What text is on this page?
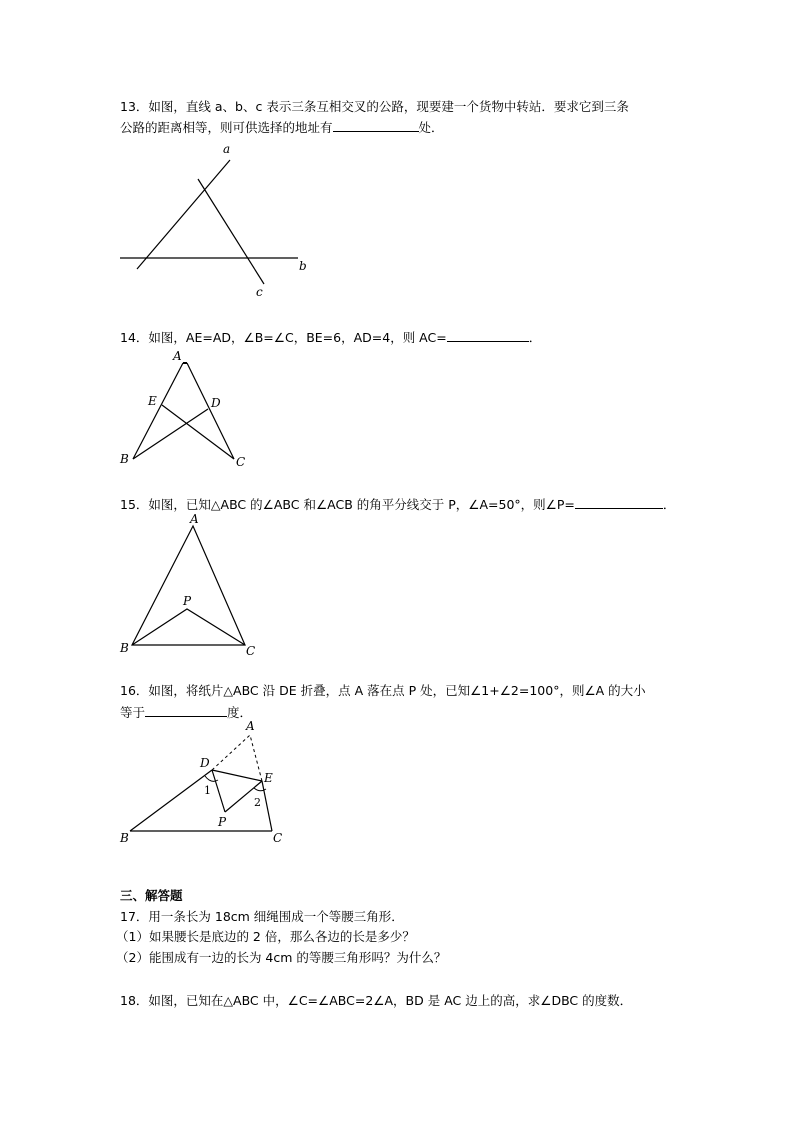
13．如图，直线 a、b、c 表示三条互相交叉的公路，现要建一个货物中转站．要求它到三条
公路的距离相等，则可供选择的地址有	处．
a
b
c
14．如图，AE=AD，∠B=∠C，BE=6，AD=4，则 AC=	．
A
E	D
B	C
15．如图，已知△ABC 的∠ABC 和∠ACB 的角平分线交于 P，∠A=50°，则∠P=	．
A
P
B	C
16．如图，将纸片△ABC 沿 DE 折叠，点 A 落在点 P 处，已知∠1+∠2=100°，则∠A 的大小
等于	度．
A
D
E
1
2
P
B	C
三、解答题
17．用一条长为 18cm 细绳围成一个等腰三角形．
（1）如果腰长是底边的 2 倍，那么各边的长是多少？
（2）能围成有一边的长为 4cm 的等腰三角形吗？为什么？
18．如图，已知在△ABC 中，∠C=∠ABC=2∠A，BD 是 AC 边上的高，求∠DBC 的度数．
